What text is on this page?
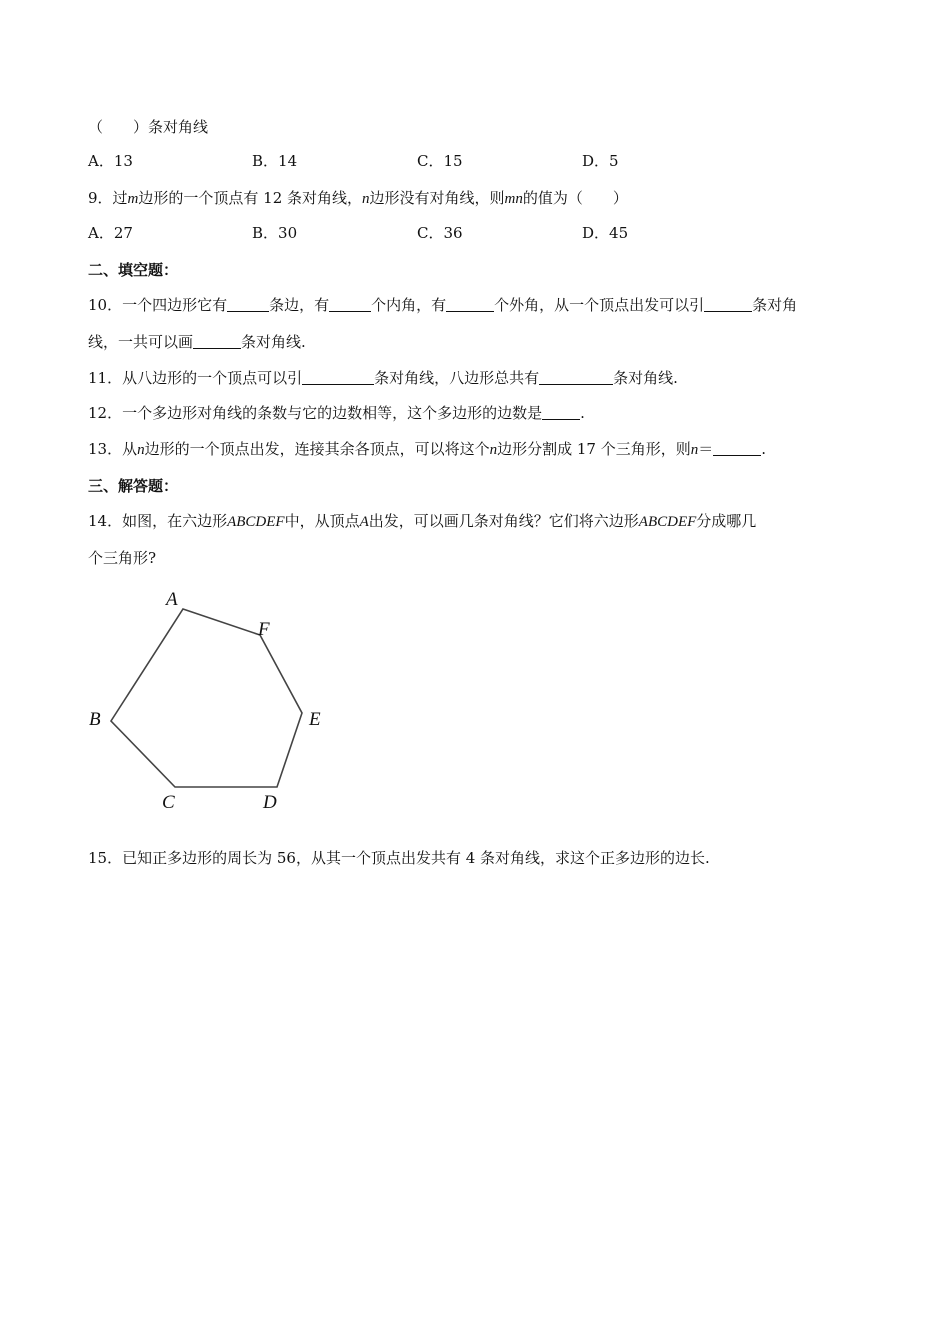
（　　）条对角线
A．13	B．14	C．15	D．5
9．过m边形的一个顶点有 12 条对角线，n边形没有对角线，则mn的值为（　　）
A．27	B．30	C．36	D．45
二、填空题：
10．一个四边形它有	条边，有	个内角，有	个外角，从一个顶点出发可以引	条对角
线，一共可以画	条对角线.
11．从八边形的一个顶点可以引	条对角线，八边形总共有	条对角线.
12．一个多边形对角线的条数与它的边数相等，这个多边形的边数是	.
13．从n边形的一个顶点出发，连接其余各顶点，可以将这个n边形分割成 17 个三角形，则n＝	.
三、解答题：
14．如图，在六边形ABCDEF中，从顶点A出发，可以画几条对角线？它们将六边形ABCDEF分成哪几
个三角形?
A
F
E
D
C
B
15．已知正多边形的周长为 56，从其一个顶点出发共有 4 条对角线，求这个正多边形的边长.
